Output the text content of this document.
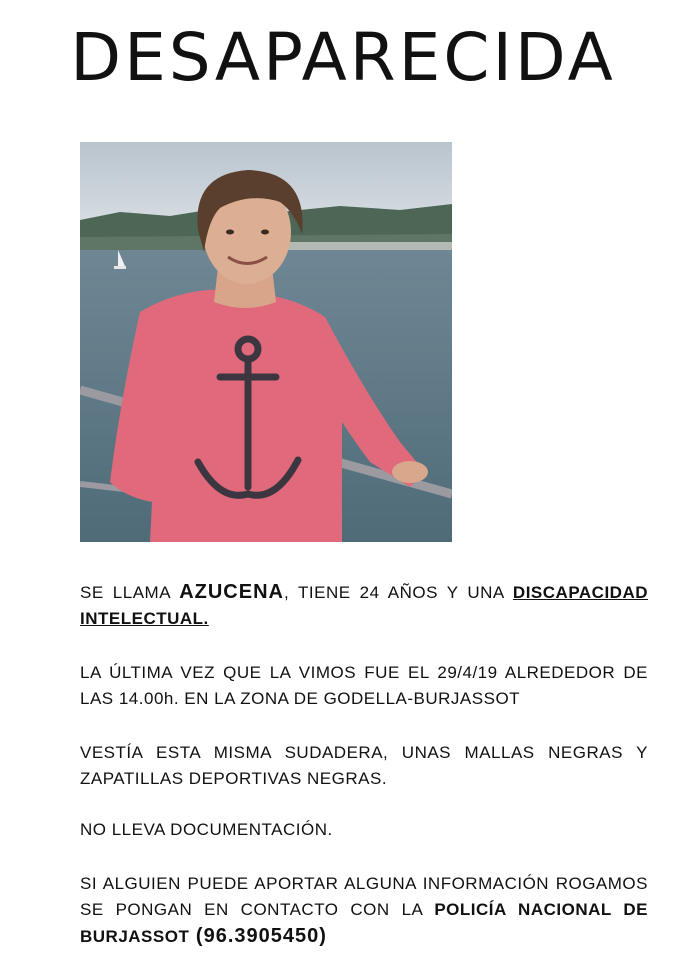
DESAPARECIDA

SE LLAMA AZUCENA, TIENE 24 AÑOS Y UNA DISCAPACIDAD INTELECTUAL.

LA ÚLTIMA VEZ QUE LA VIMOS FUE EL 29/4/19 ALREDEDOR DE LAS 14.00h. EN LA ZONA DE GODELLA-BURJASSOT

VESTÍA ESTA MISMA SUDADERA, UNAS MALLAS NEGRAS Y ZAPATILLAS DEPORTIVAS NEGRAS.

NO LLEVA DOCUMENTACIÓN.

SI ALGUIEN PUEDE APORTAR ALGUNA INFORMACIÓN ROGAMOS SE PONGAN EN CONTACTO CON LA POLICÍA NACIONAL DE BURJASSOT (96.3905450)
